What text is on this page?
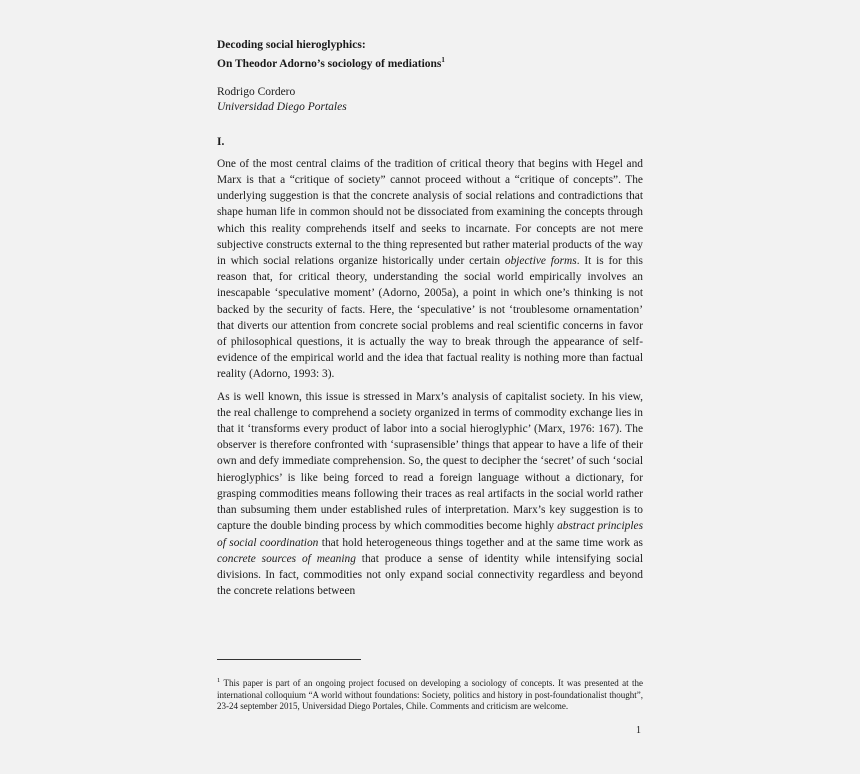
Decoding social hieroglyphics:
On Theodor Adorno’s sociology of mediations$^1$
Rodrigo Cordero
Universidad Diego Portales
I.

One of the most central claims of the tradition of critical theory that begins with Hegel and Marx is that a “critique of society” cannot proceed without a “critique of concepts”. The underlying suggestion is that the concrete analysis of social relations and contradictions that shape human life in common should not be dissociated from examining the concepts through which this reality comprehends itself and seeks to incarnate. For concepts are not mere subjective constructs external to the thing represented but rather material products of the way in which social relations organize historically under certain objective forms. It is for this reason that, for critical theory, understanding the social world empirically involves an inescapable ‘speculative moment’ (Adorno, 2005a), a point in which one’s thinking is not backed by the security of facts. Here, the ‘speculative’ is not ‘troublesome ornamentation’ that diverts our attention from concrete social problems and real scientific concerns in favor of philosophical questions, it is actually the way to break through the appearance of self-evidence of the empirical world and the idea that factual reality is nothing more than factual reality (Adorno, 1993: 3).

As is well known, this issue is stressed in Marx’s analysis of capitalist society. In his view, the real challenge to comprehend a society organized in terms of commodity exchange lies in that it ‘transforms every product of labor into a social hieroglyphic’ (Marx, 1976: 167). The observer is therefore confronted with ‘suprasensible’ things that appear to have a life of their own and defy immediate comprehension. So, the quest to decipher the ‘secret’ of such ‘social hieroglyphics’ is like being forced to read a foreign language without a dictionary, for grasping commodities means following their traces as real artifacts in the social world rather than subsuming them under established rules of interpretation. Marx’s key suggestion is to capture the double binding process by which commodities become highly abstract principles of social coordination that hold heterogeneous things together and at the same time work as concrete sources of meaning that produce a sense of identity while intensifying social divisions. In fact, commodities not only expand social connectivity regardless and beyond the concrete relations between

$^1$ This paper is part of an ongoing project focused on developing a sociology of concepts. It was presented at the international colloquium “A world without foundations: Society, politics and history in post-foundationalist thought”, 23-24 september 2015, Universidad Diego Portales, Chile. Comments and criticism are welcome.
1
